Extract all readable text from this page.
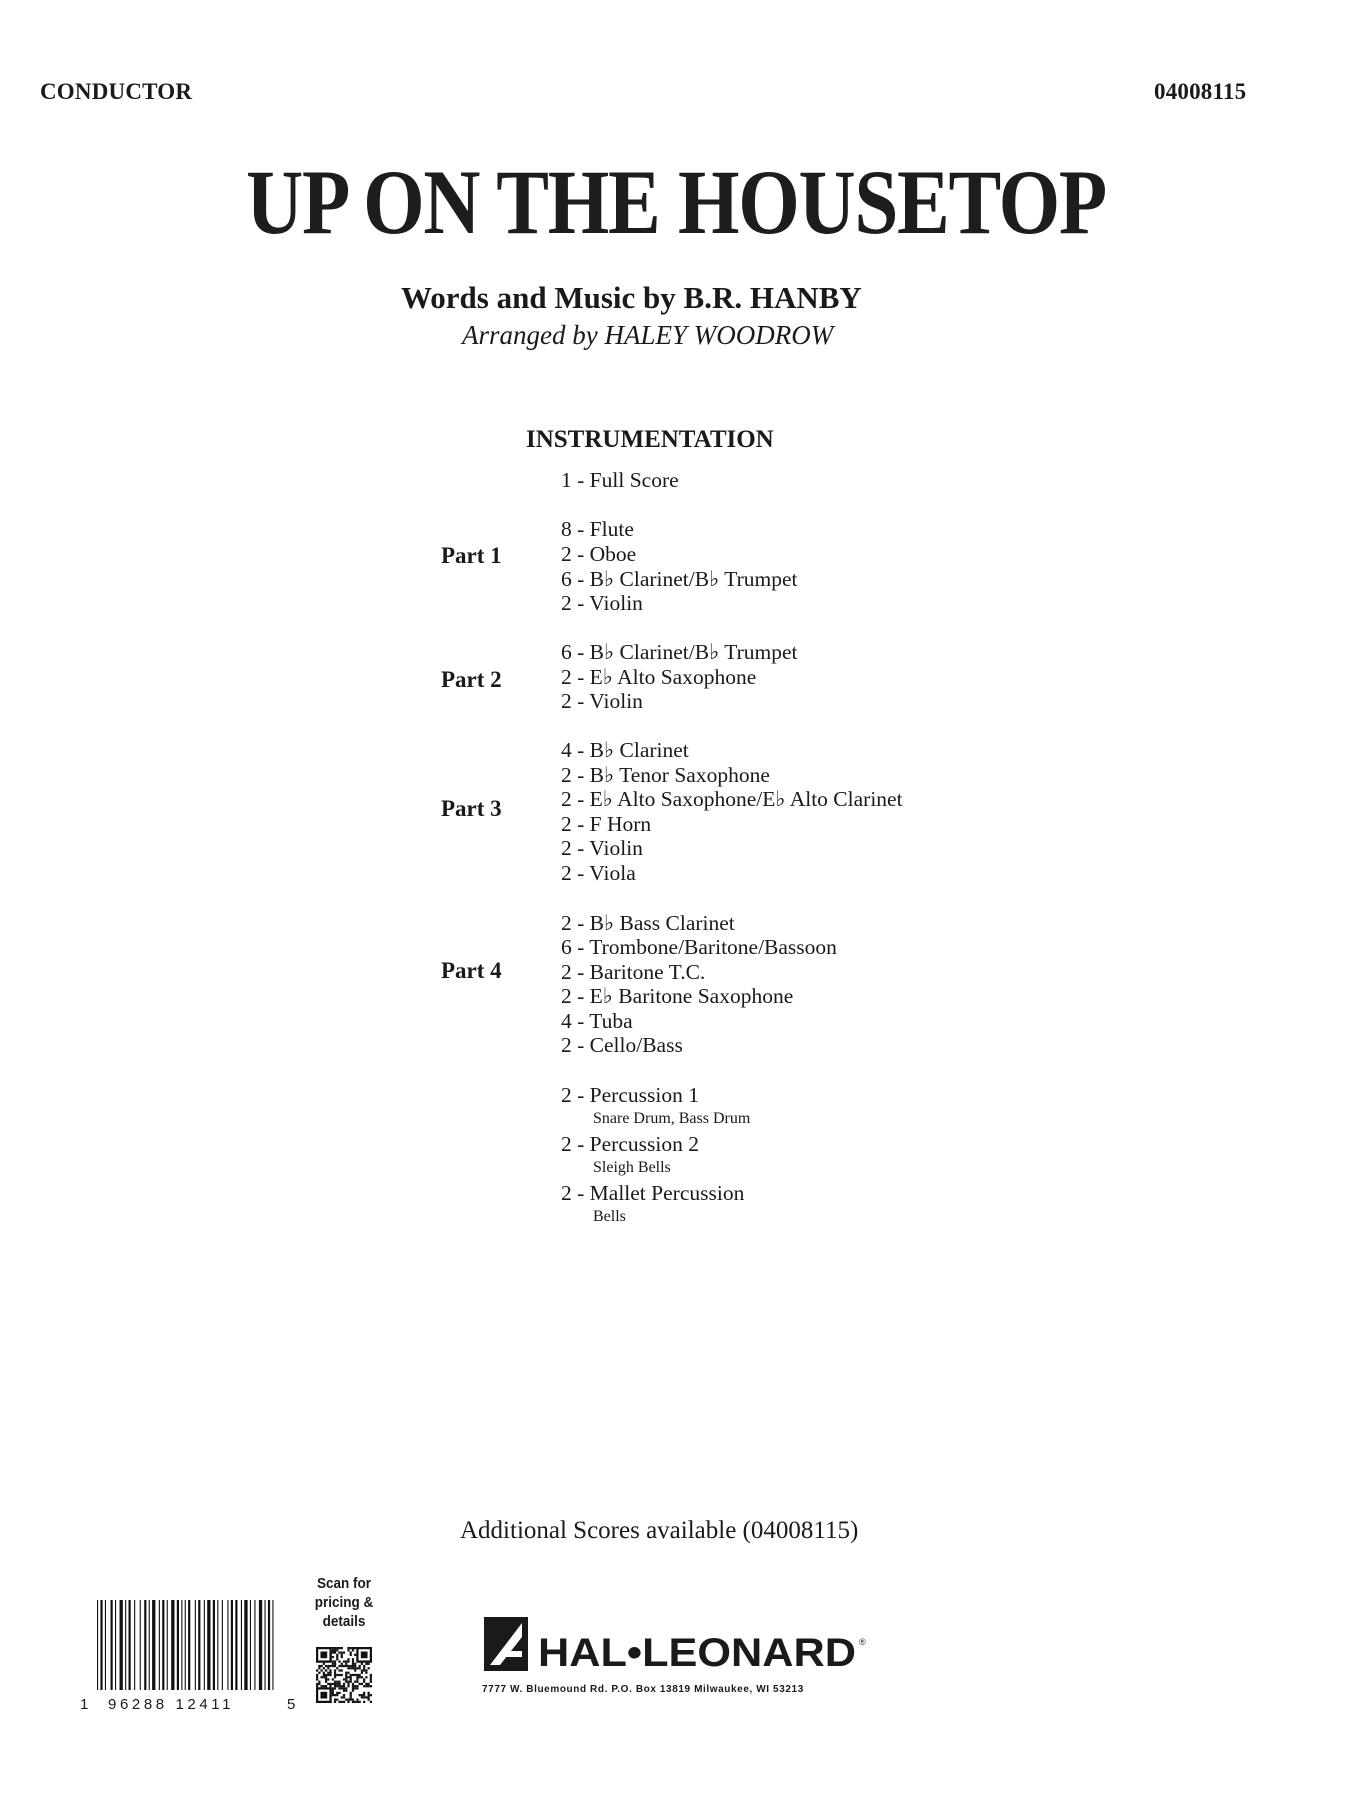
CONDUCTOR	04008115
UP ON THE HOUSETOP
Words and Music by B.R. HANBY
Arranged by HALEY WOODROW
INSTRUMENTATION
1 - Full Score
Part 1
8 - Flute
2 - Oboe
6 - B♭ Clarinet/B♭ Trumpet
2 - Violin
Part 2
6 - B♭ Clarinet/B♭ Trumpet
2 - E♭ Alto Saxophone
2 - Violin
Part 3
4 - B♭ Clarinet
2 - B♭ Tenor Saxophone
2 - E♭ Alto Saxophone/E♭ Alto Clarinet
2 - F Horn
2 - Violin
2 - Viola
Part 4
2 - B♭ Bass Clarinet
6 - Trombone/Baritone/Bassoon
2 - Baritone T.C.
2 - E♭ Baritone Saxophone
4 - Tuba
2 - Cello/Bass
2 - Percussion 1
Snare Drum, Bass Drum
2 - Percussion 2
Sleigh Bells
2 - Mallet Percussion
Bells
Additional Scores available (04008115)
1 96288 12411	5
Scan for
pricing &
details
HAL•LEONARD ®
7777 W. Bluemound Rd. P.O. Box 13819 Milwaukee, WI 53213
